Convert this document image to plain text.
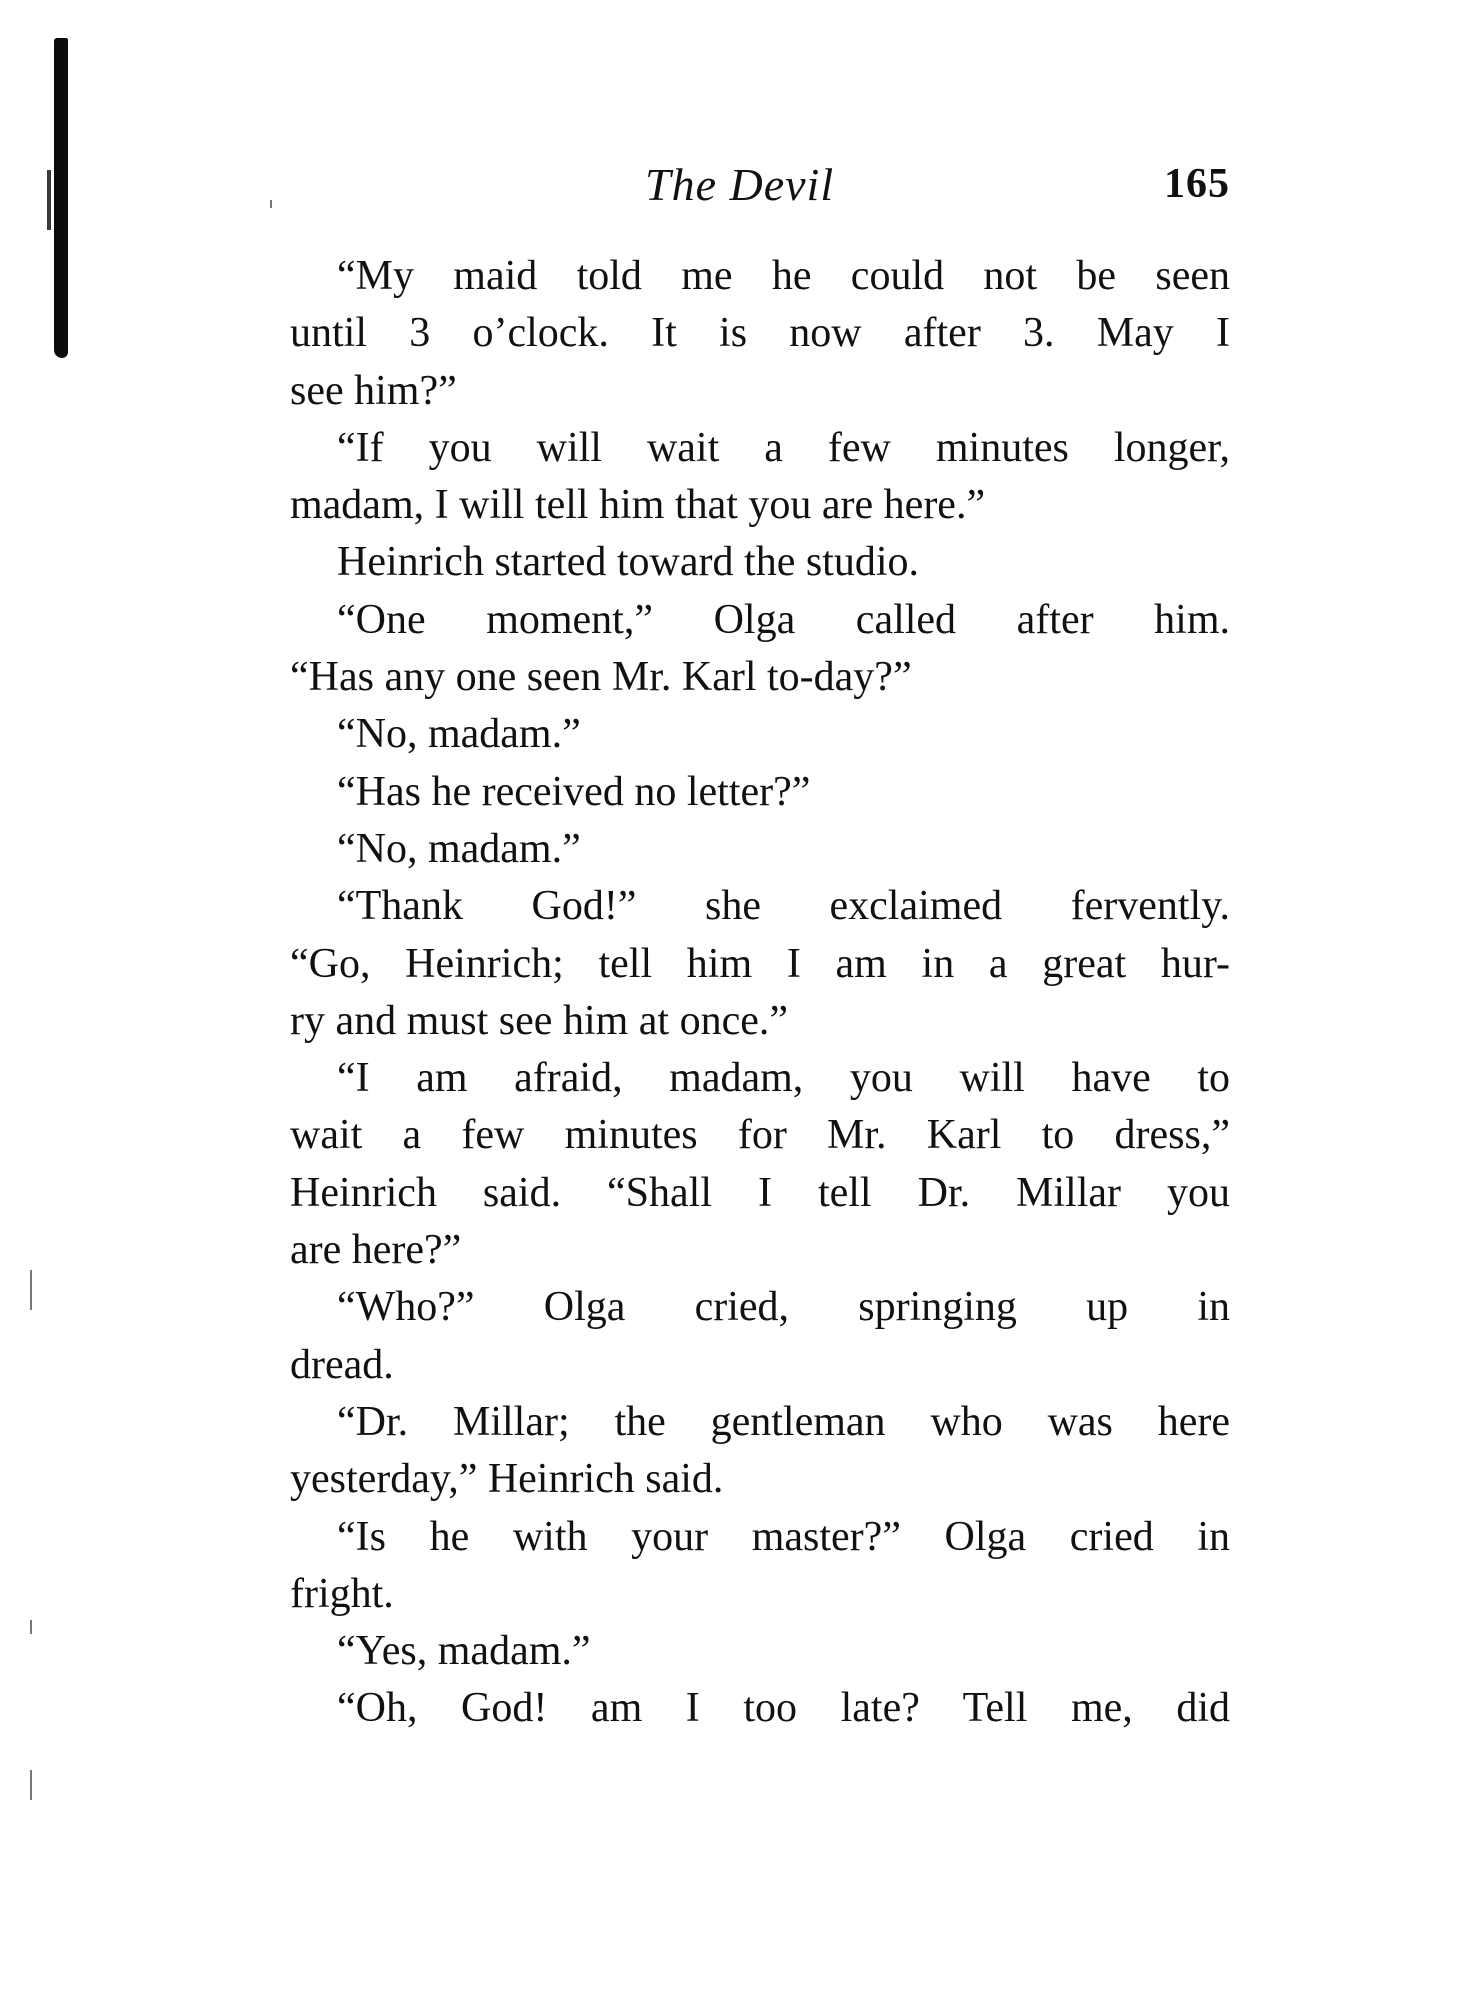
The Devil	165
“My maid told me he could not be seen
until 3 o’clock. It is now after 3. May I
see him?”
“If you will wait a few minutes longer,
madam, I will tell him that you are here.”
Heinrich started toward the studio.
“One moment,” Olga called after him.
“Has any one seen Mr. Karl to-day?”
“No, madam.”
“Has he received no letter?”
“No, madam.”
“Thank God!” she exclaimed fervently.
“Go, Heinrich; tell him I am in a great hur-
ry and must see him at once.”
“I am afraid, madam, you will have to
wait a few minutes for Mr. Karl to dress,”
Heinrich said. “Shall I tell Dr. Millar you
are here?”
“Who?” Olga cried, springing up in
dread.
“Dr. Millar; the gentleman who was here
yesterday,” Heinrich said.
“Is he with your master?” Olga cried in
fright.
“Yes, madam.”
“Oh, God! am I too late? Tell me, did
